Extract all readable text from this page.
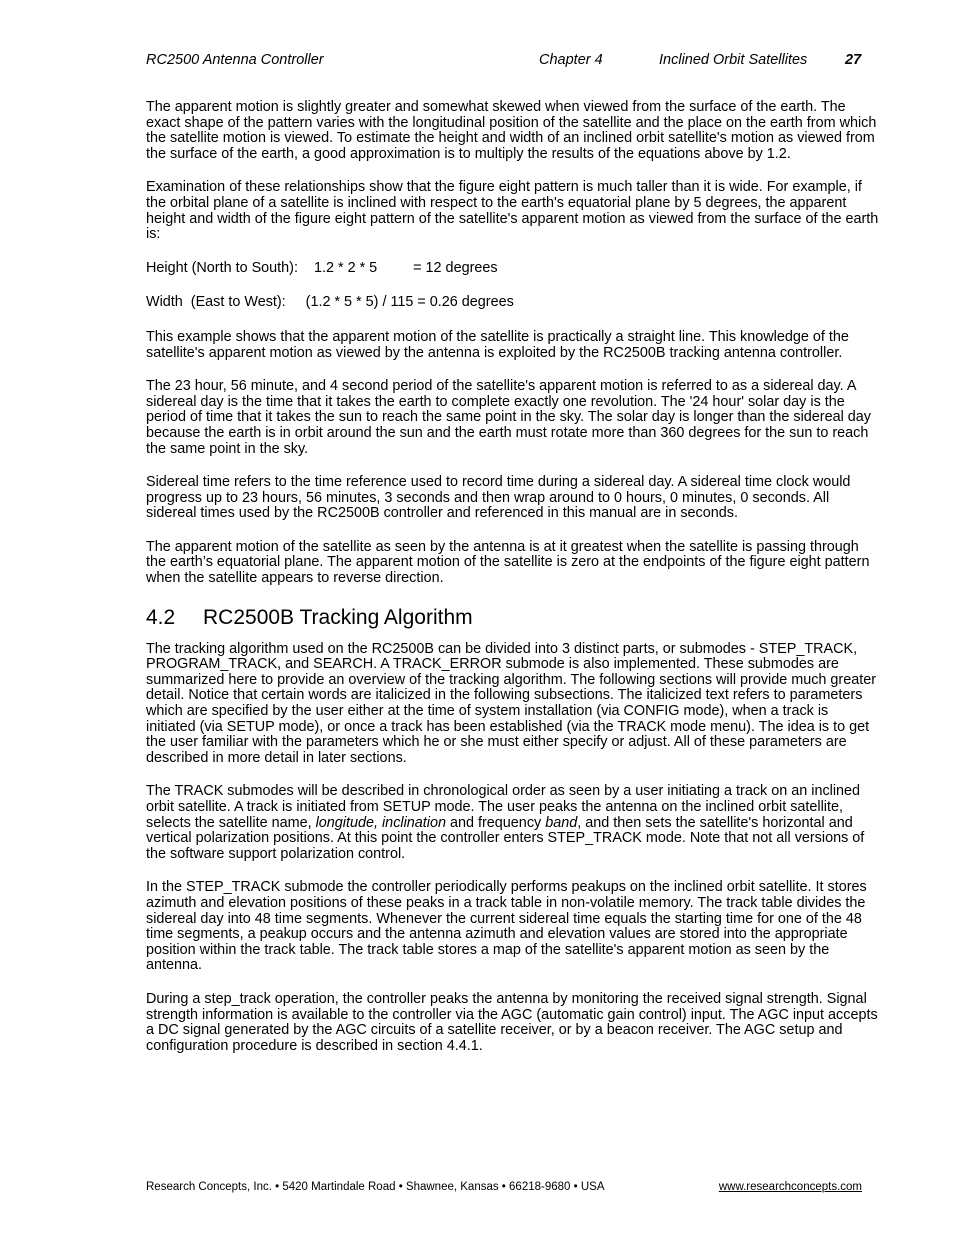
RC2500 Antenna Controller	Chapter 4	Inclined Orbit Satellites	27

The apparent motion is slightly greater and somewhat skewed when viewed from the surface of the earth. The exact shape of the pattern varies with the longitudinal position of the satellite and the place on the earth from which the satellite motion is viewed. To estimate the height and width of an inclined orbit satellite's motion as viewed from the surface of the earth, a good approximation is to multiply the results of the equations above by 1.2.

Examination of these relationships show that the figure eight pattern is much taller than it is wide. For example, if the orbital plane of a satellite is inclined with respect to the earth's equatorial plane by 5 degrees, the apparent height and width of the figure eight pattern of the satellite's apparent motion as viewed from the surface of the earth is:

Height (North to South):    1.2 * 2 * 5         = 12 degrees

Width  (East to West):     (1.2 * 5 * 5) / 115 = 0.26 degrees

This example shows that the apparent motion of the satellite is practically a straight line. This knowledge of the satellite's apparent motion as viewed by the antenna is exploited by the RC2500B tracking antenna controller.

The 23 hour, 56 minute, and 4 second period of the satellite's apparent motion is referred to as a sidereal day. A sidereal day is the time that it takes the earth to complete exactly one revolution. The '24 hour' solar day is the period of time that it takes the sun to reach the same point in the sky. The solar day is longer than the sidereal day because the earth is in orbit around the sun and the earth must rotate more than 360 degrees for the sun to reach the same point in the sky.

Sidereal time refers to the time reference used to record time during a sidereal day. A sidereal time clock would progress up to 23 hours, 56 minutes, 3 seconds and then wrap around to 0 hours, 0 minutes, 0 seconds. All sidereal times used by the RC2500B controller and referenced in this manual are in seconds.

The apparent motion of the satellite as seen by the antenna is at it greatest when the satellite is passing through the earth’s equatorial plane. The apparent motion of the satellite is zero at the endpoints of the figure eight pattern when the satellite appears to reverse direction.

4.2 RC2500B Tracking Algorithm

The tracking algorithm used on the RC2500B can be divided into 3 distinct parts, or submodes - STEP_TRACK, PROGRAM_TRACK, and SEARCH. A TRACK_ERROR submode is also implemented. These submodes are summarized here to provide an overview of the tracking algorithm. The following sections will provide much greater detail. Notice that certain words are italicized in the following subsections. The italicized text refers to parameters which are specified by the user either at the time of system installation (via CONFIG mode), when a track is initiated (via SETUP mode), or once a track has been established (via the TRACK mode menu). The idea is to get the user familiar with the parameters which he or she must either specify or adjust. All of these parameters are described in more detail in later sections.

The TRACK submodes will be described in chronological order as seen by a user initiating a track on an inclined orbit satellite. A track is initiated from SETUP mode. The user peaks the antenna on the inclined orbit satellite, selects the satellite name, longitude, inclination and frequency band, and then sets the satellite's horizontal and vertical polarization positions. At this point the controller enters STEP_TRACK mode. Note that not all versions of the software support polarization control.

In the STEP_TRACK submode the controller periodically performs peakups on the inclined orbit satellite. It stores azimuth and elevation positions of these peaks in a track table in non-volatile memory. The track table divides the sidereal day into 48 time segments. Whenever the current sidereal time equals the starting time for one of the 48 time segments, a peakup occurs and the antenna azimuth and elevation values are stored into the appropriate position within the track table. The track table stores a map of the satellite's apparent motion as seen by the antenna.

During a step_track operation, the controller peaks the antenna by monitoring the received signal strength. Signal strength information is available to the controller via the AGC (automatic gain control) input. The AGC input accepts a DC signal generated by the AGC circuits of a satellite receiver, or by a beacon receiver. The AGC setup and configuration procedure is described in section 4.4.1.

Research Concepts, Inc. • 5420 Martindale Road • Shawnee, Kansas • 66218-9680 • USA	www.researchconcepts.com
